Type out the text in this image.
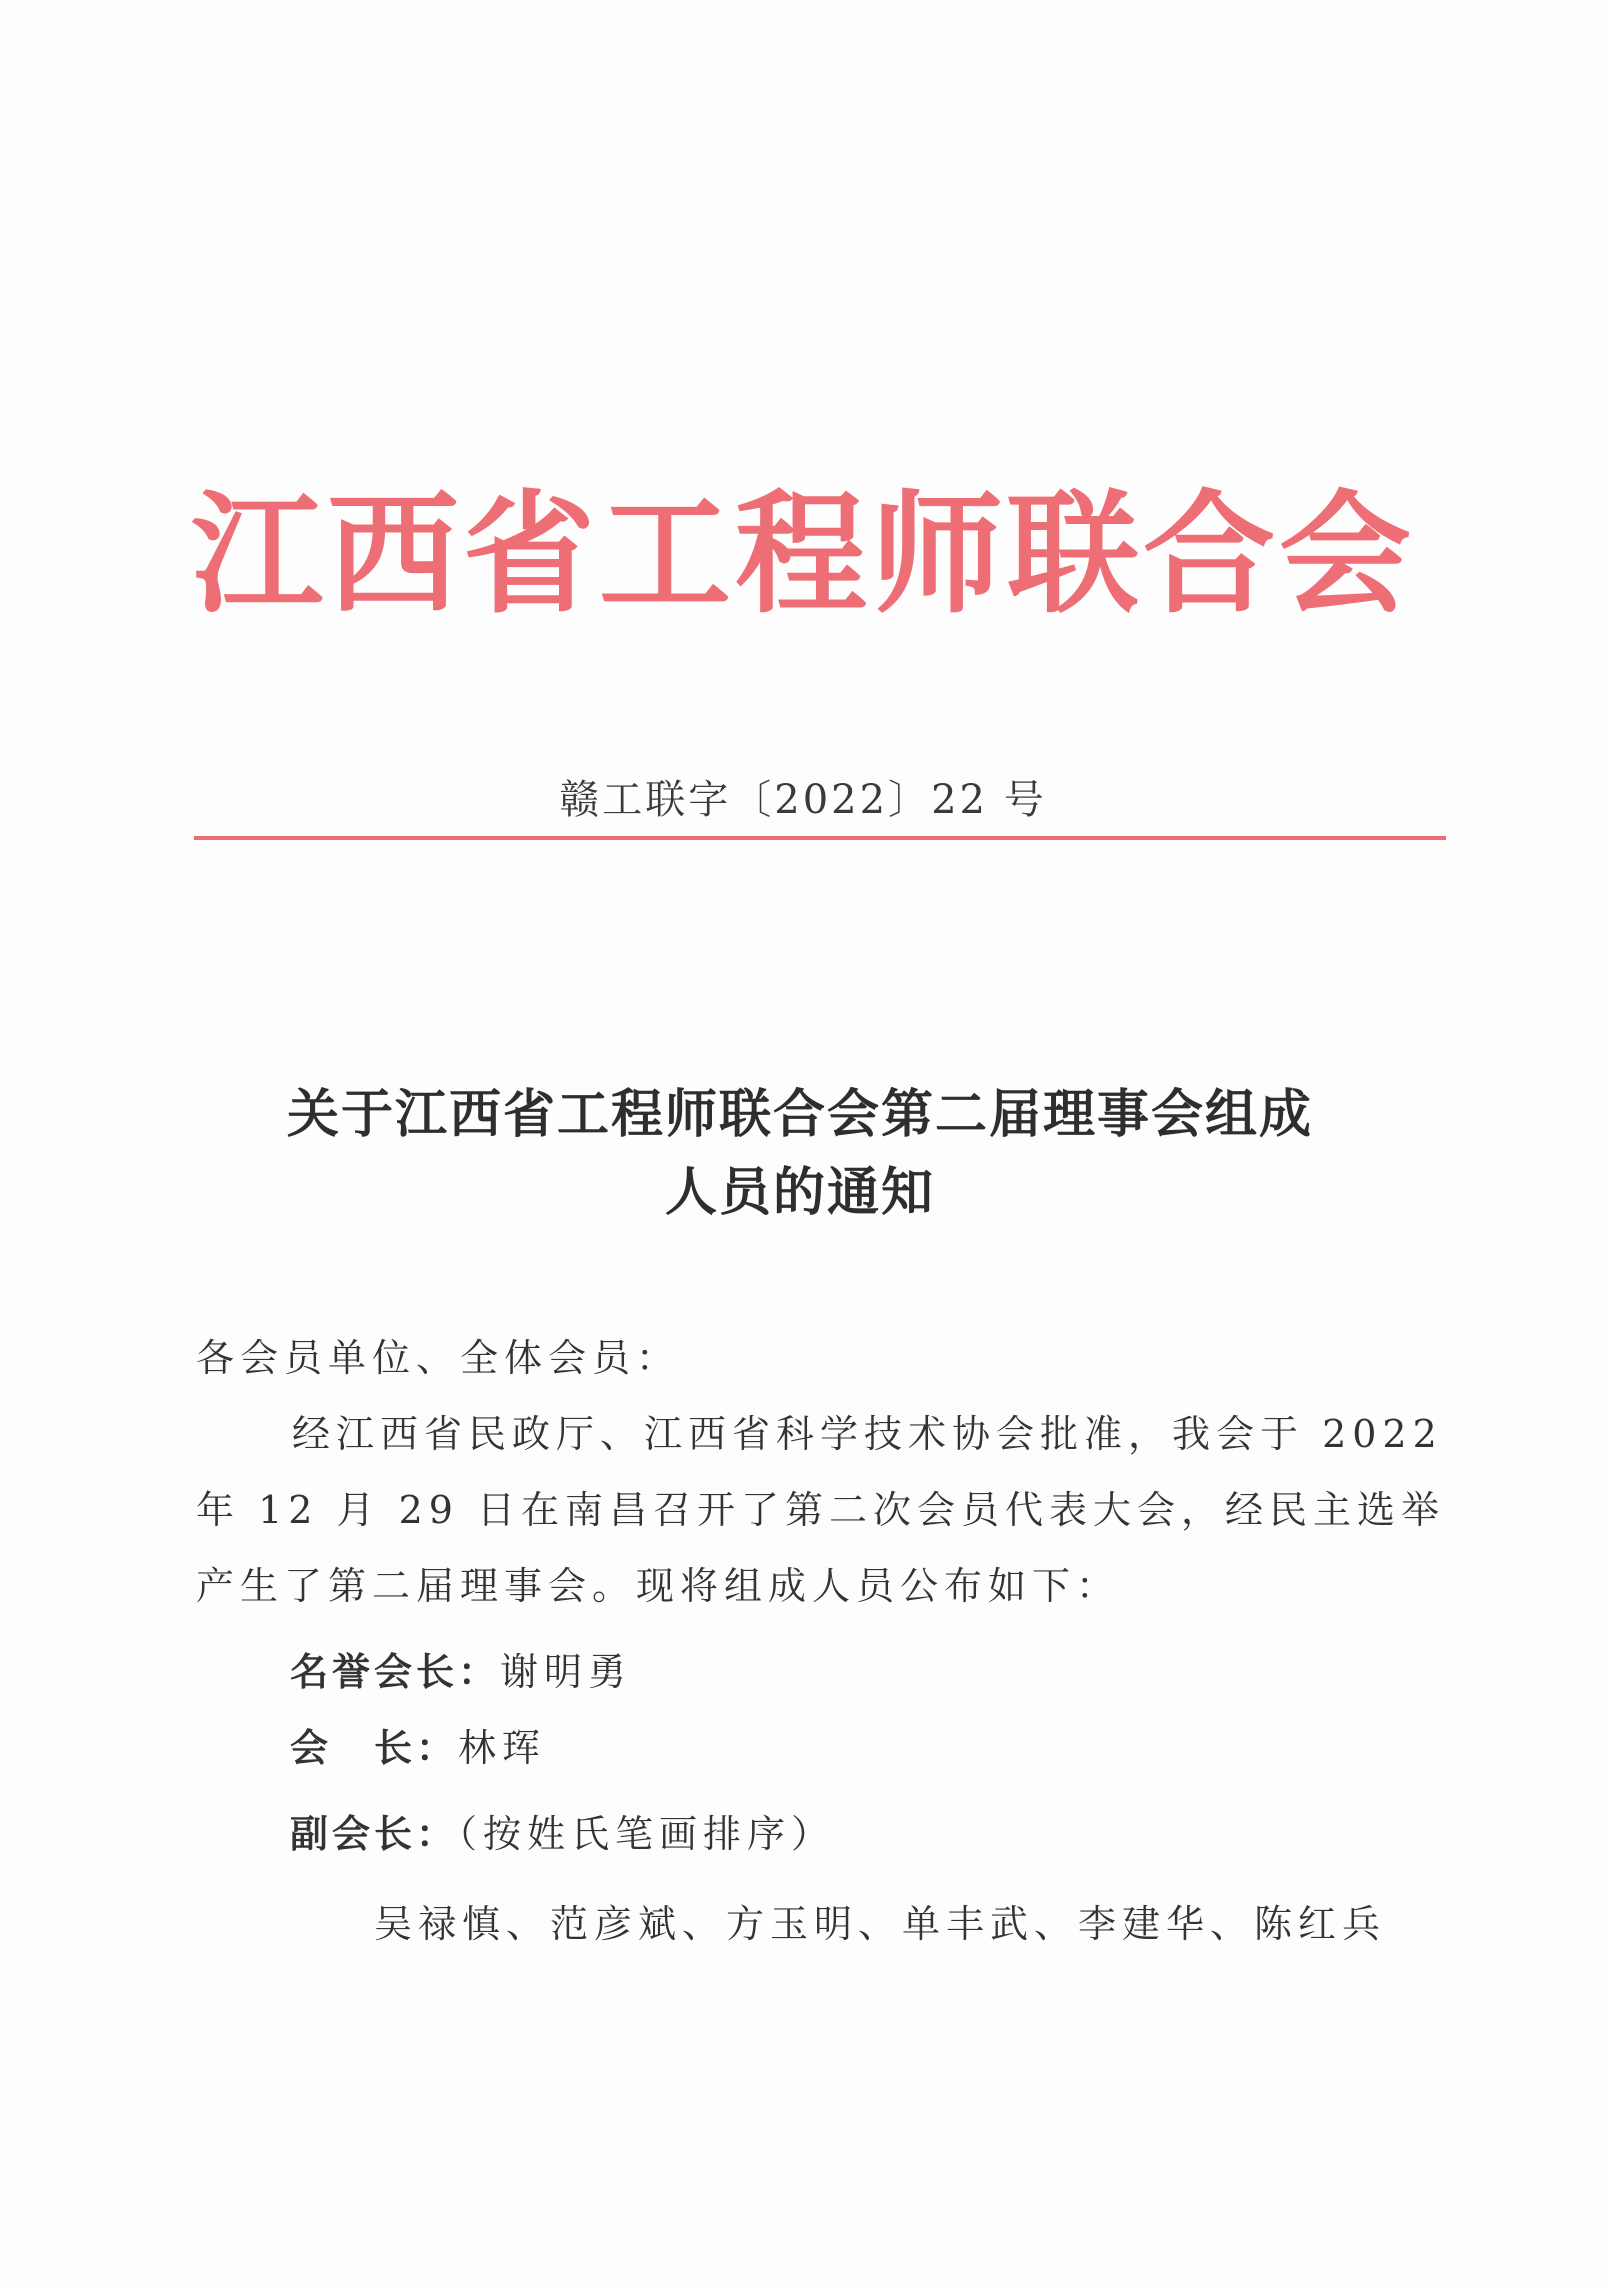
江西省工程师联合会
赣工联字〔2022〕22 号
关于江西省工程师联合会第二届理事会组成
人员的通知
各会员单位、全体会员：
经江西省民政厅、江西省科学技术协会批准，我会于 2022
年 12 月 29 日在南昌召开了第二次会员代表大会，经民主选举
产生了第二届理事会。现将组成人员公布如下：
名誉会长：谢明勇
会　长：林珲
副会长：（按姓氏笔画排序）
吴禄慎、范彦斌、方玉明、单丰武、李建华、陈红兵
